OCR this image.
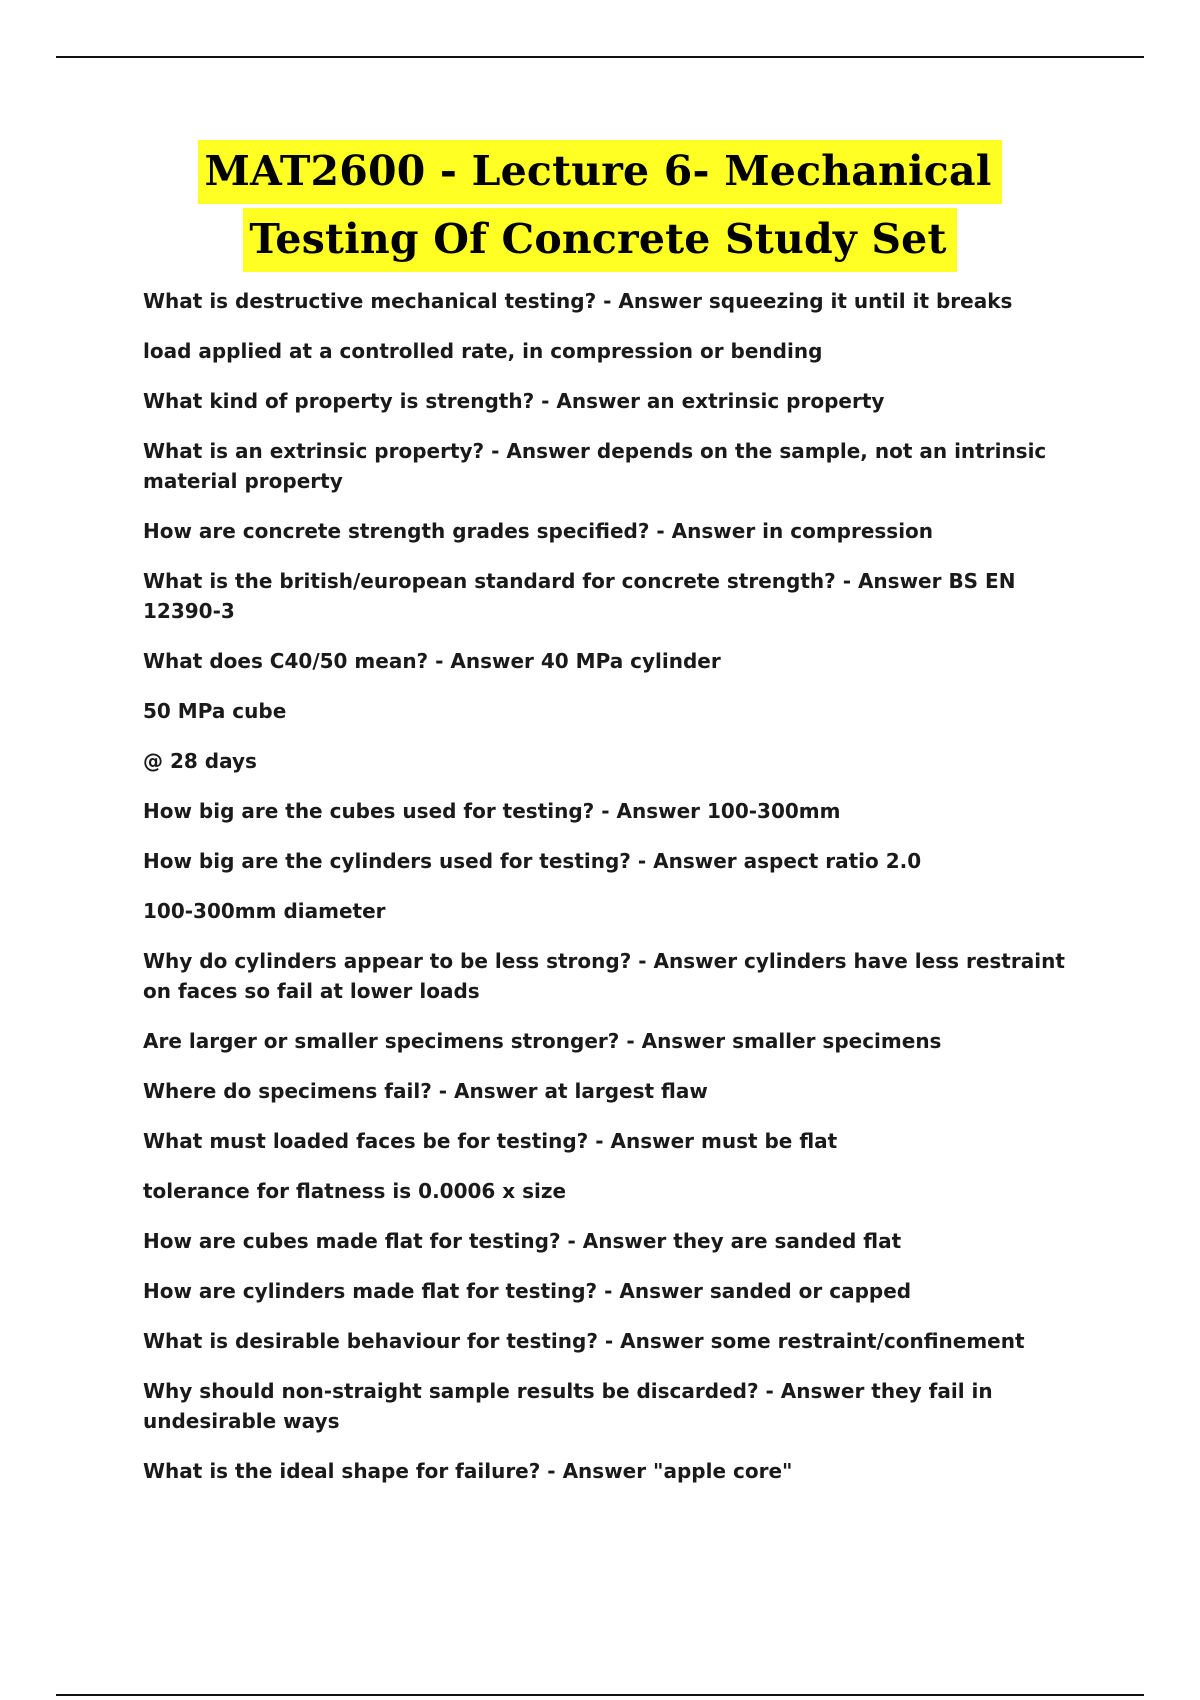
MAT2600 - Lecture 6- Mechanical
Testing Of Concrete Study Set

What is destructive mechanical testing? - Answer squeezing it until it breaks

load applied at a controlled rate, in compression or bending

What kind of property is strength? - Answer an extrinsic property

What is an extrinsic property? - Answer depends on the sample, not an intrinsic material property

How are concrete strength grades specified? - Answer in compression

What is the british/european standard for concrete strength? - Answer BS EN 12390-3

What does C40/50 mean? - Answer 40 MPa cylinder

50 MPa cube

@ 28 days

How big are the cubes used for testing? - Answer 100-300mm

How big are the cylinders used for testing? - Answer aspect ratio 2.0

100-300mm diameter

Why do cylinders appear to be less strong? - Answer cylinders have less restraint on faces so fail at lower loads

Are larger or smaller specimens stronger? - Answer smaller specimens

Where do specimens fail? - Answer at largest flaw

What must loaded faces be for testing? - Answer must be flat

tolerance for flatness is 0.0006 x size

How are cubes made flat for testing? - Answer they are sanded flat

How are cylinders made flat for testing? - Answer sanded or capped

What is desirable behaviour for testing? - Answer some restraint/confinement

Why should non-straight sample results be discarded? - Answer they fail in undesirable ways

What is the ideal shape for failure? - Answer "apple core"
